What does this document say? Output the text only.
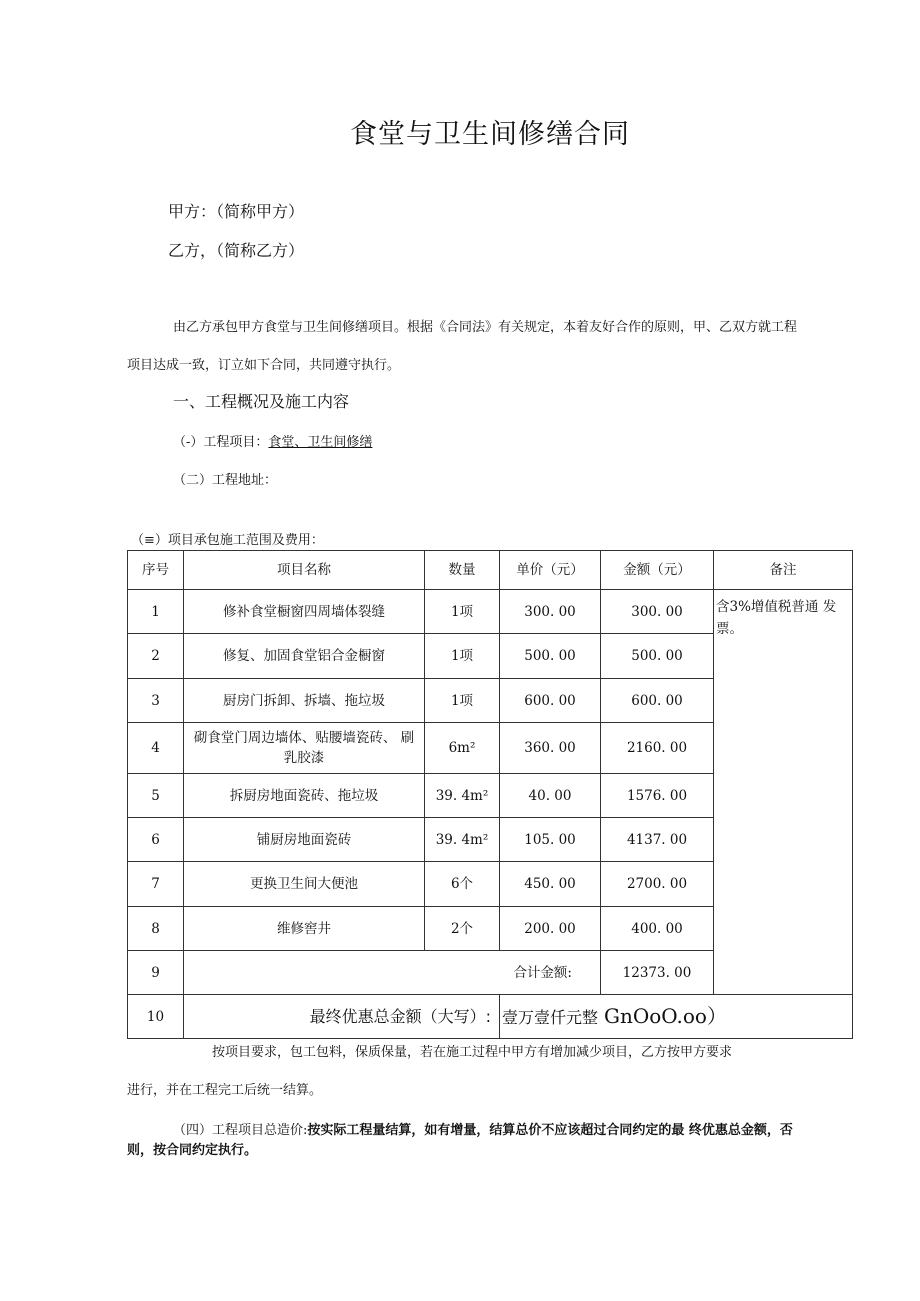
食堂与卫生间修缮合同
甲方：（简称甲方）
乙方，（简称乙方）
由乙方承包甲方食堂与卫生间修缮项目。根据《合同法》有关规定，本着友好合作的原则，甲、乙双方就工程
项目达成一致，订立如下合同，共同遵守执行。
一、工程概况及施工内容
（-）工程项目：食堂、卫生间修缮
（二）工程地址：
（≡）项目承包施工范围及费用：
序号	项目名称	数量	单价（元）	金额（元）	备注
1	修补食堂橱窗四周墙体裂缝	1项	300. 00	300. 00	含3%增值税普通 发票。
2	修复、加固食堂铝合金橱窗	1项	500. 00	500. 00	
3	厨房门拆卸、拆墙、拖垃圾	1项	600. 00	600. 00	
4	砌食堂门周边墙体、贴腰墙瓷砖、 刷乳胶漆	6m²	360. 00	2160. 00	
5	拆厨房地面瓷砖、拖垃圾	39. 4m²	40. 00	1576. 00	
6	铺厨房地面瓷砖	39. 4m²	105. 00	4137. 00	
7	更换卫生间大便池	6个	450. 00	2700. 00	
8	维修窖井	2个	200. 00	400. 00	
9	合计金额:			12373. 00	
10	最终优惠总金额（大写）:		壹万壹仟元整 GnOoO.oo）		
按项目要求，包工包料，保质保量，若在施工过程中甲方有增加减少项目，乙方按甲方要求
进行，并在工程完工后统一结算。
（四）工程项目总造价:按实际工程量结算，如有增量，结算总价不应该超过合同约定的最 终优惠总金额，否
则，按合同约定执行。
